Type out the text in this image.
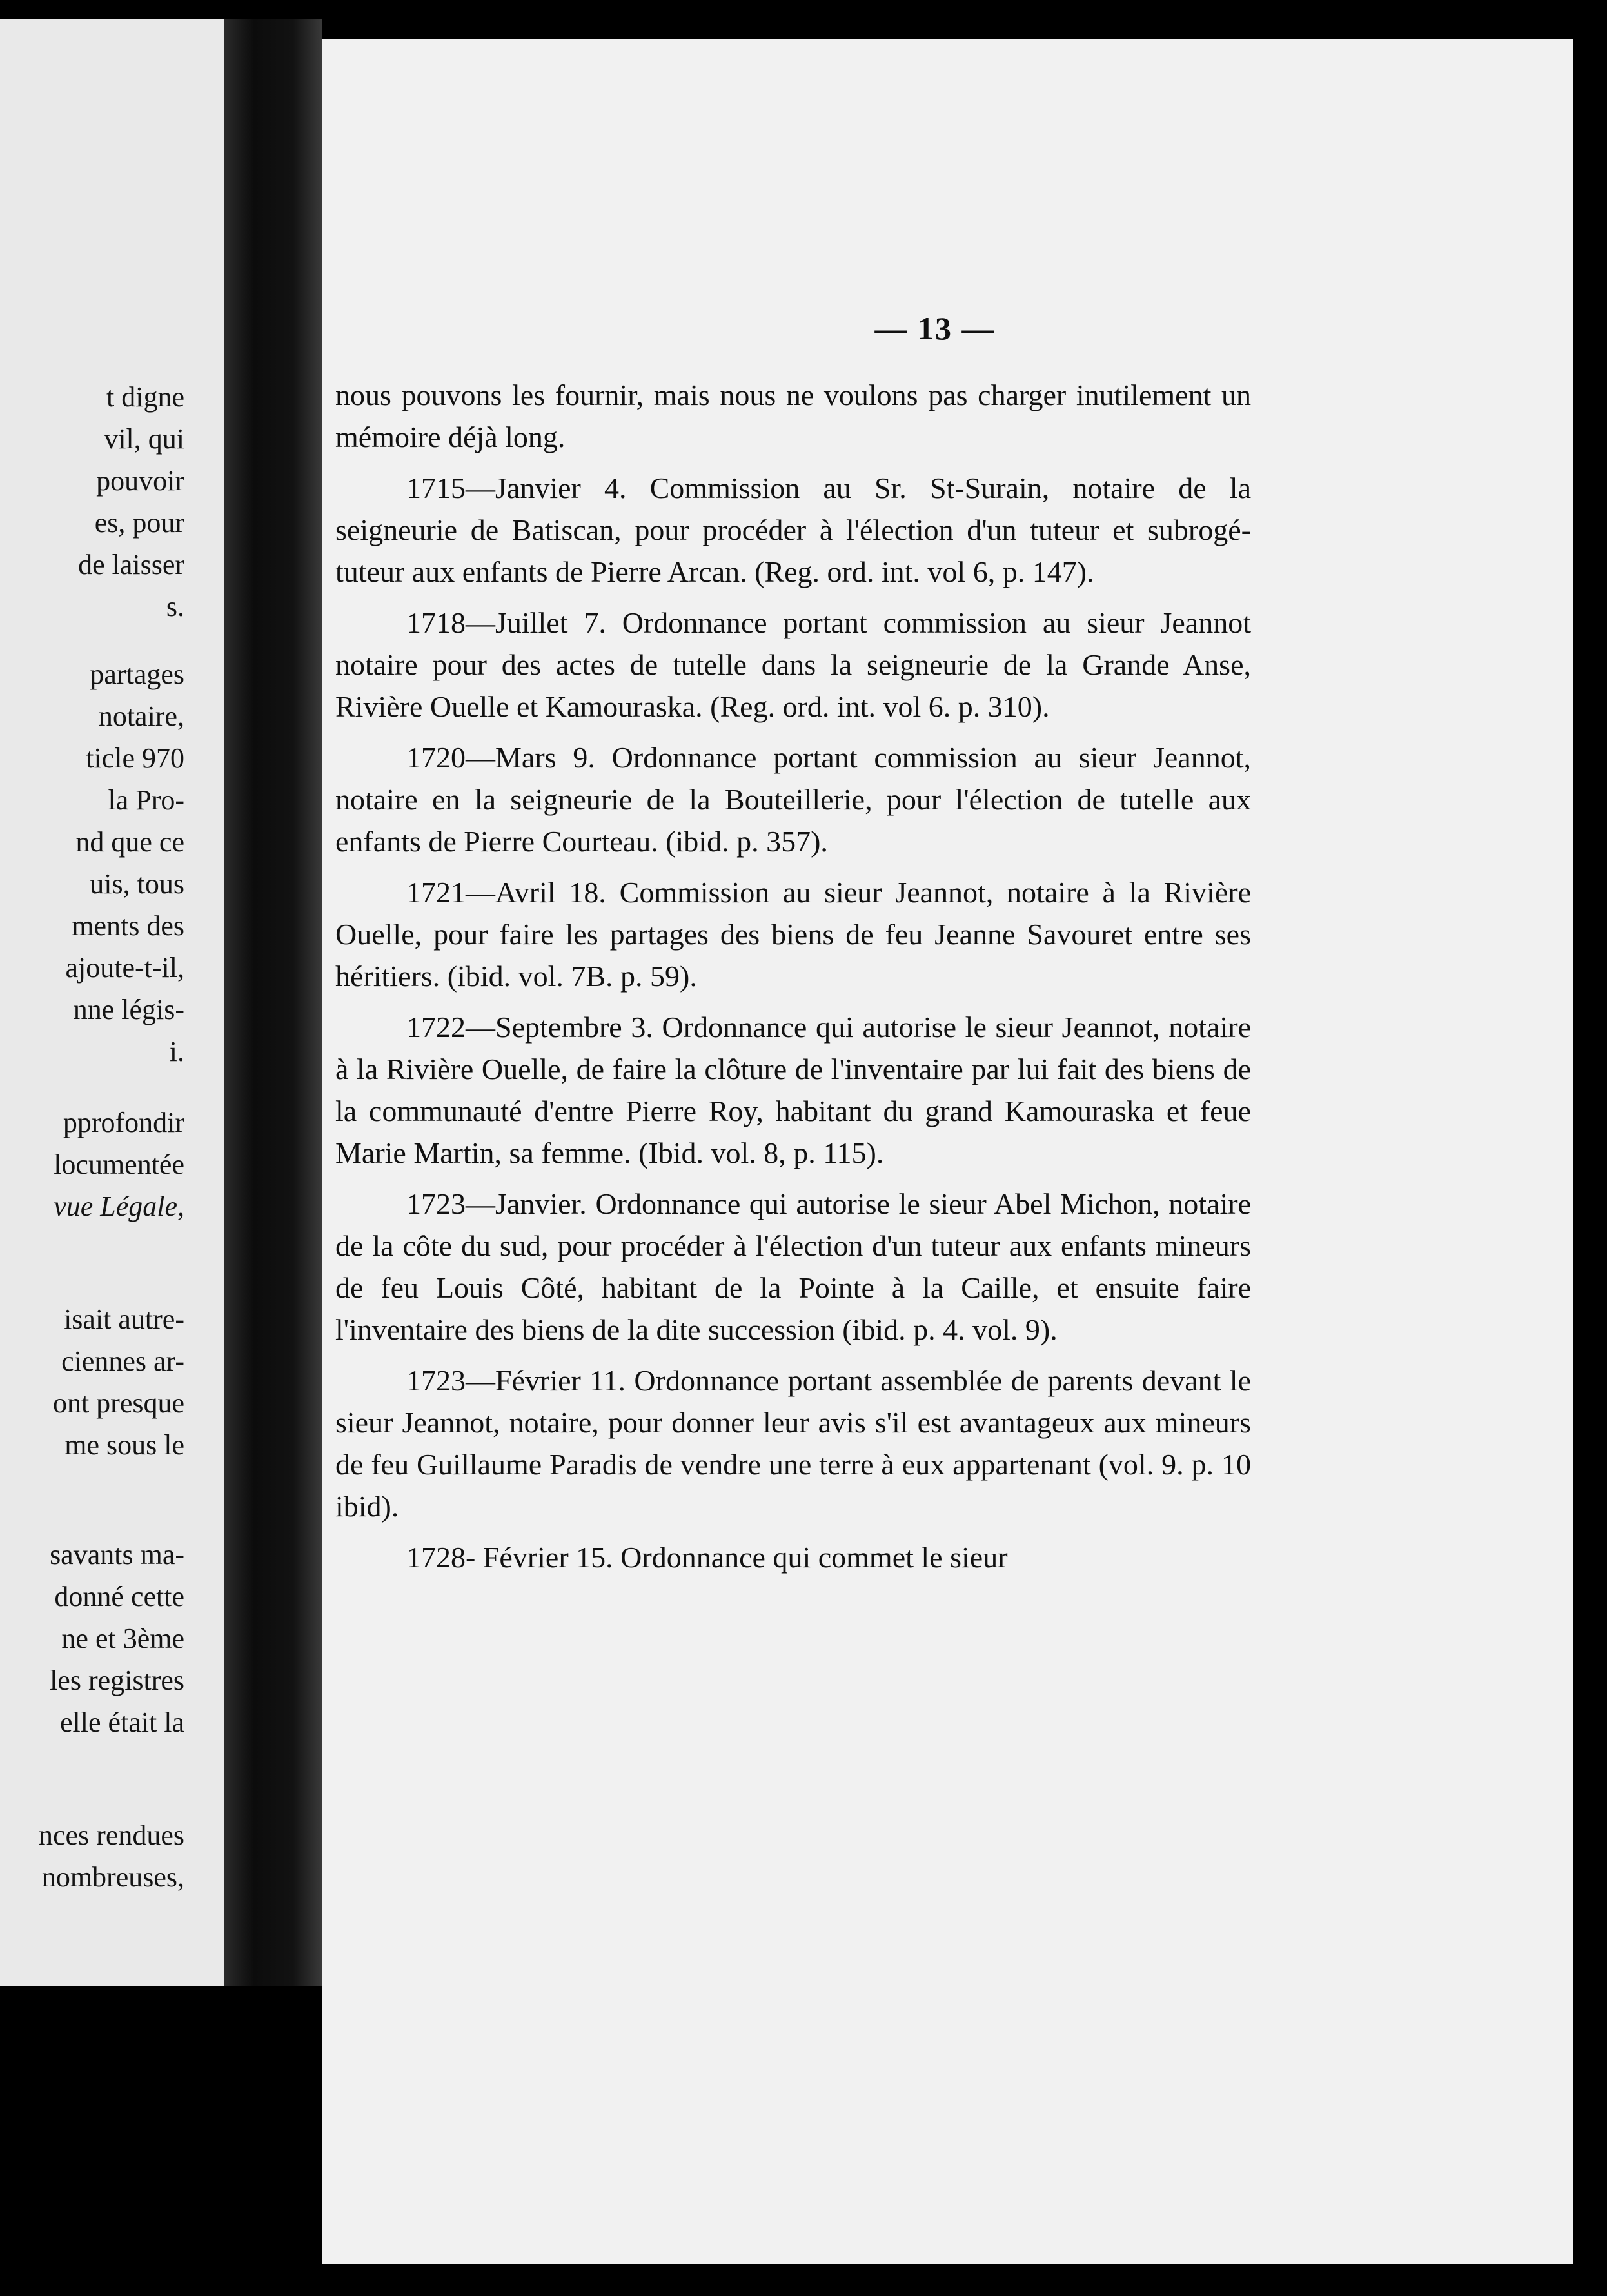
t digne
vil, qui
pouvoir
es, pour
de laisser
s.
partages
notaire,
ticle 970
la Pro-
nd que ce
uis, tous
ments des
ajoute-t-il,
nne légis-
i.
pprofondir
locumentée
vue Légale,
isait autre-
ciennes ar-
ont presque
me sous le
savants ma-
donné cette
ne et 3ème
les registres
elle était la
nces rendues
nombreuses,
— 13 —

nous pouvons les fournir, mais nous ne voulons pas charger inutilement un mémoire déjà long.

1715—Janvier 4. Commission au Sr. St-Surain, notaire de la seigneurie de Batiscan, pour procéder à l'élection d'un tuteur et subrogé-tuteur aux enfants de Pierre Arcan. (Reg. ord. int. vol 6, p. 147).

1718—Juillet 7. Ordonnance portant commission au sieur Jeannot notaire pour des actes de tutelle dans la seigneurie de la Grande Anse, Rivière Ouelle et Kamouraska. (Reg. ord. int. vol 6. p. 310).

1720—Mars 9. Ordonnance portant commission au sieur Jeannot, notaire en la seigneurie de la Bouteillerie, pour l'élection de tutelle aux enfants de Pierre Courteau. (ibid. p. 357).

1721—Avril 18. Commission au sieur Jeannot, notaire à la Rivière Ouelle, pour faire les partages des biens de feu Jeanne Savouret entre ses héritiers. (ibid. vol. 7B. p. 59).

1722—Septembre 3. Ordonnance qui autorise le sieur Jeannot, notaire à la Rivière Ouelle, de faire la clôture de l'inventaire par lui fait des biens de la communauté d'entre Pierre Roy, habitant du grand Kamouraska et feue Marie Martin, sa femme. (Ibid. vol. 8, p. 115).

1723—Janvier. Ordonnance qui autorise le sieur Abel Michon, notaire de la côte du sud, pour procéder à l'élection d'un tuteur aux enfants mineurs de feu Louis Côté, habitant de la Pointe à la Caille, et ensuite faire l'inventaire des biens de la dite succession (ibid. p. 4. vol. 9).

1723—Février 11. Ordonnance portant assemblée de parents devant le sieur Jeannot, notaire, pour donner leur avis s'il est avantageux aux mineurs de feu Guillaume Paradis de vendre une terre à eux appartenant (vol. 9. p. 10 ibid).

1728- Février 15. Ordonnance qui commet le sieur
